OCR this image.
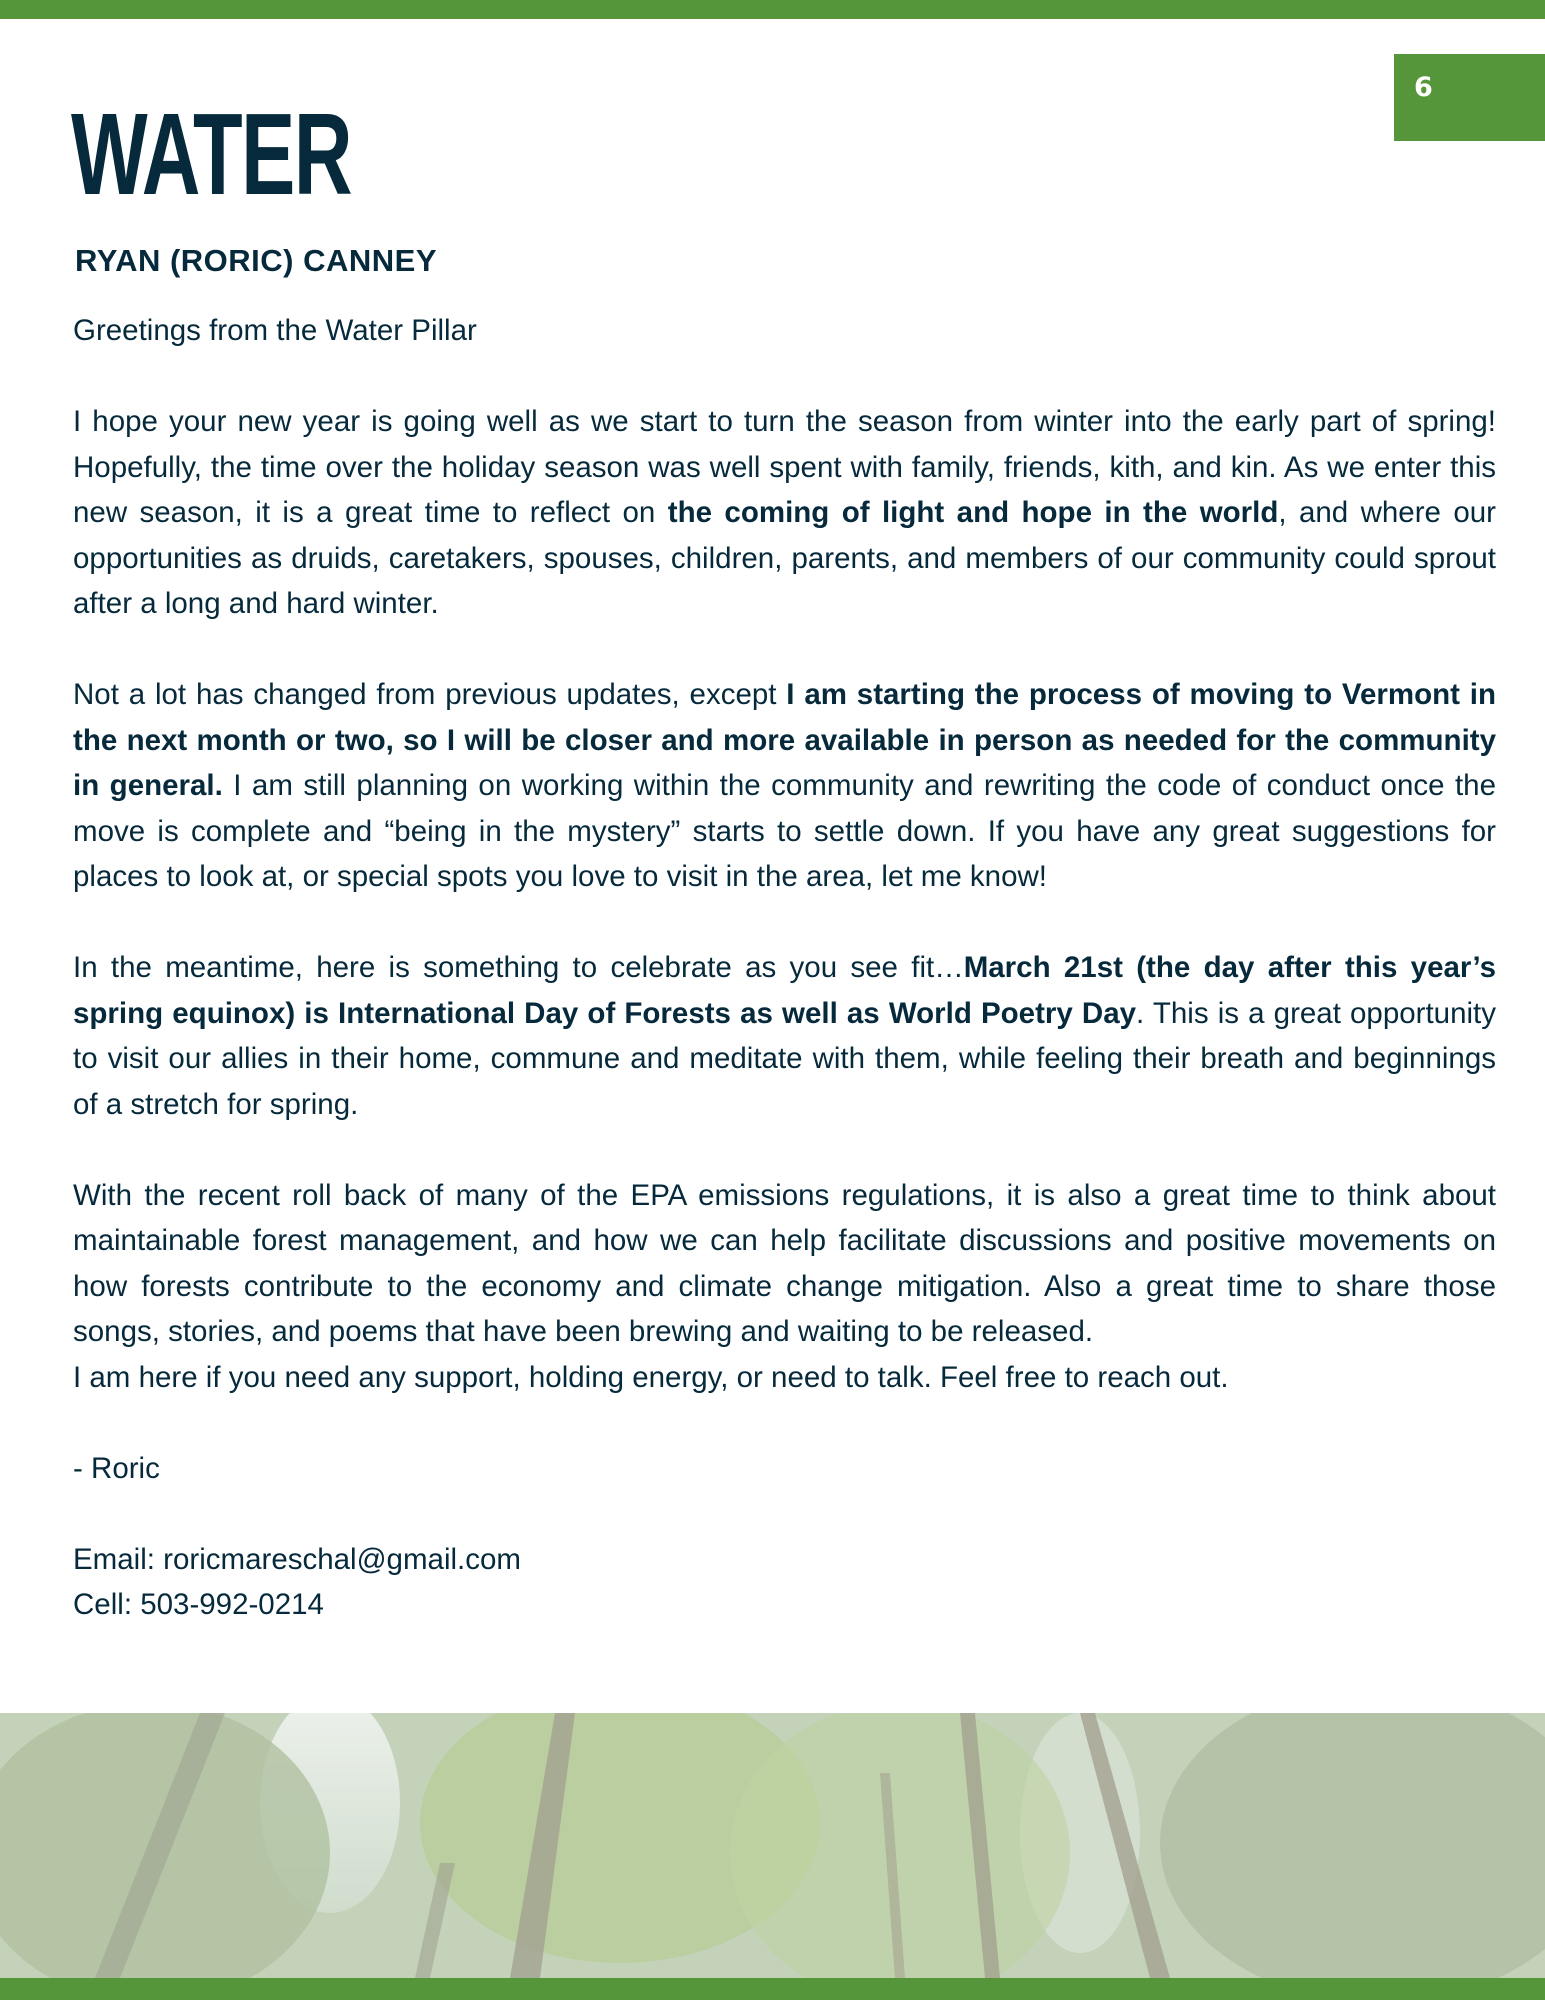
6
WATER
RYAN (RORIC) CANNEY

Greetings from the Water Pillar

I hope your new year is going well as we start to turn the season from winter into the early part of spring! Hopefully, the time over the holiday season was well spent with family, friends, kith, and kin. As we enter this new season, it is a great time to reflect on the coming of light and hope in the world, and where our opportunities as druids, caretakers, spouses, children, parents, and members of our community could sprout after a long and hard winter.

Not a lot has changed from previous updates, except I am starting the process of moving to Vermont in the next month or two, so I will be closer and more available in person as needed for the community in general. I am still planning on working within the community and rewriting the code of conduct once the move is complete and “being in the mystery” starts to settle down. If you have any great suggestions for places to look at, or special spots you love to visit in the area, let me know!

In the meantime, here is something to celebrate as you see fit…March 21st (the day after this year’s spring equinox) is International Day of Forests as well as World Poetry Day. This is a great opportunity to visit our allies in their home, commune and meditate with them, while feeling their breath and beginnings of a stretch for spring.

With the recent roll back of many of the EPA emissions regulations, it is also a great time to think about maintainable forest management, and how we can help facilitate discussions and positive movements on how forests contribute to the economy and climate change mitigation. Also a great time to share those songs, stories, and poems that have been brewing and waiting to be released.

I am here if you need any support, holding energy, or need to talk. Feel free to reach out.

- Roric

Email: roricmareschal@gmail.com
Cell: 503-992-0214
